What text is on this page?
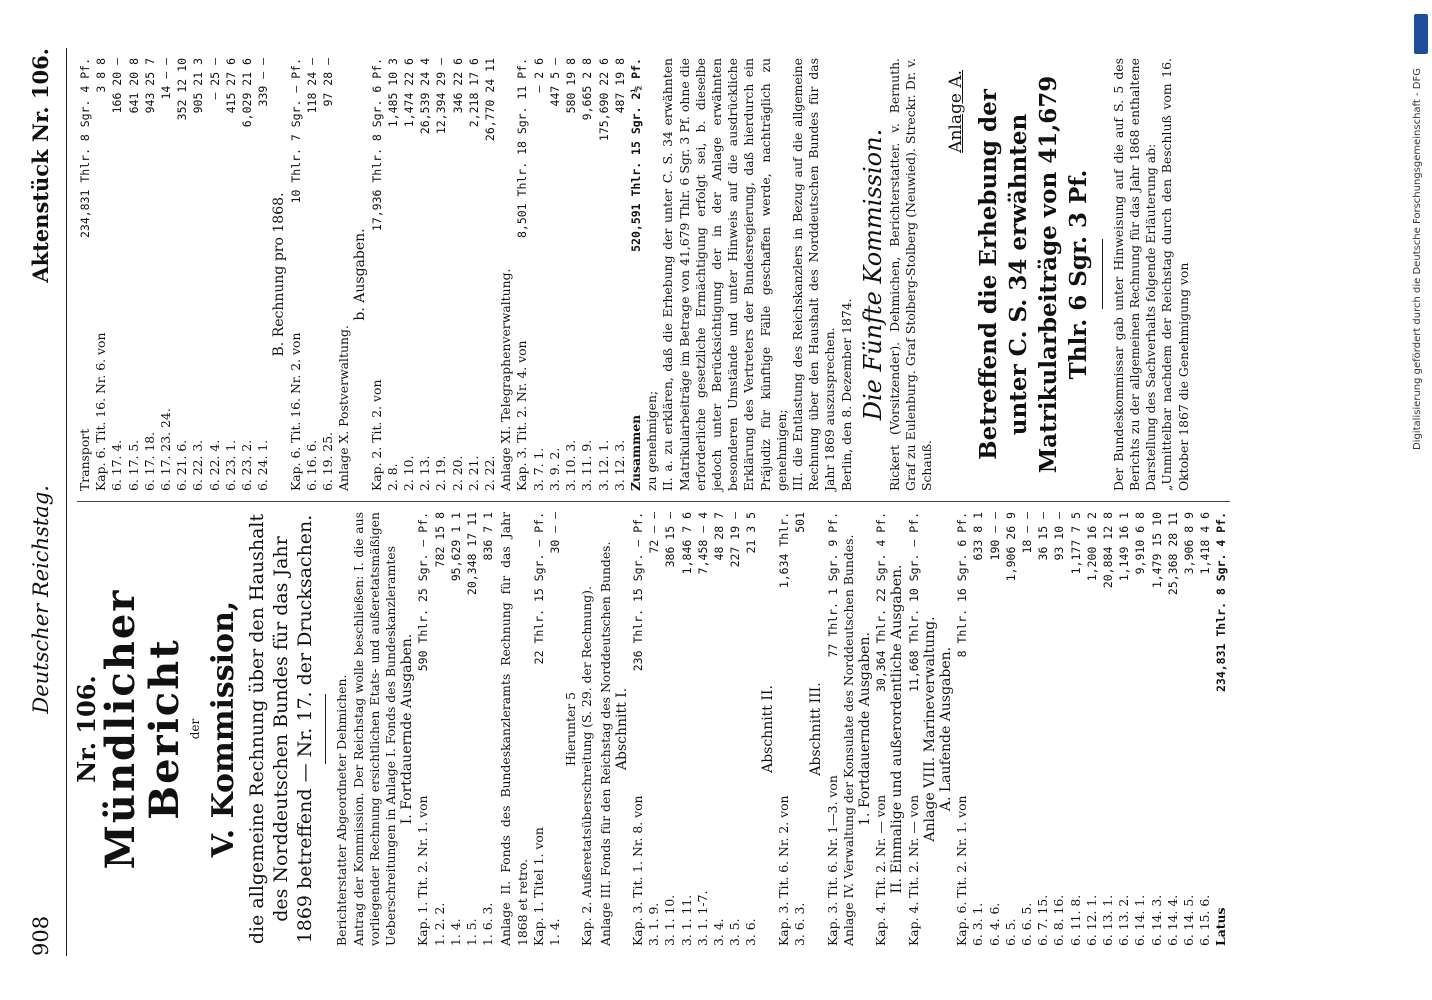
Digitalisierung gefördert durch die Deutsche Forschungsgemeinschaft - DFG
908
Deutscher Reichstag.
Aktenstück Nr. 106.
Nr. 106.
Mündlicher Bericht der V. Kommission, die allgemeine Rechnung über den Haushalt des Norddeutschen Bundes für das Jahr 1869 betreffend — Nr. 17. der Drucksachen. Berichterstatter Abgeordneter Dehmichen. Antrag der Kommission. Der Reichstag wolle beschließen: I. die aus vorliegender Rechnung ersichtlichen Etats- und außeretatsmäßigen Ueberschreitungen in Anlage I. Fonds des Bundeskanzleramtes I. Fortdauernde Ausgaben.
Kap. 1. Tit. 2. Nr. 1. von
590 Thlr. 25 Sgr. — Pf.
1. 2. 2.
782 15 8
1. 4.
95,629 1 1
1. 5.
20,348 17 11
1. 6. 3.
836 7 1 Anlage II. Fonds des Bundeskanzleramts Rechnung für das Jahr 1868 et retro. Kap. 1. Titel 1. von
22 Thlr. 15 Sgr. — Pf.
1. 4.
30 — —
Hierunter 5 Kap. 2. Außeretatsüberschreitung (S. 29. der Rechnung). Anlage III. Fonds für den Reichstag des Norddeutschen Bundes. Abschnitt I.
Kap. 3. Tit. 1. Nr. 8. von
236 Thlr. 15 Sgr. — Pf.
3. 1. 9.
72 — —
3. 1. 10.
386 15 —
3. 1. 11.
1,846 7 6
3. 1. 1-7.
7,458 — 4
3. 4.
48 28 7
3. 5.
227 19 —
3. 6.
21 3 5
Abschnitt II.
Kap. 3. Tit. 6. Nr. 2. von
1,634 Thlr.
3. 6. 3.
501
Abschnitt III.
Kap. 3. Tit. 6. Nr. 1—3. von
77 Thlr. 1 Sgr. 9 Pf. Anlage IV. Verwaltung der Konsulate des Norddeutschen Bundes. 1. Fortdauernde Ausgaben.
Kap. 4. Tit. 2. Nr. — von
30,364 Thlr. 22 Sgr. 4 Pf. II. Einmalige und außerordentliche Ausgaben. Kap. 4. Tit. 2. Nr. — von
11,668 Thlr. 10 Sgr. — Pf.
Anlage VIII. Marineverwaltung. A. Laufende Ausgaben.
Kap. 6. Tit. 2. Nr. 1. von
8 Thlr. 16 Sgr. 6 Pf.
6. 3. 1.
633 8 1
6. 4. 6.
190 — —
6. 5.
1,906 26 9
6. 6. 5.
18 — —
6. 7. 15.
36 15 —
6. 8. 16.
93 10 —
6. 11. 8.
1,177 7 5
6. 12. 1.
1,200 16 2
6. 13. 1.
20,884 12 8
6. 13. 2.
1,149 16 1
6. 14. 1.
9,910 6 8
6. 14. 3.
1,479 15 10
6. 14. 4.
25,368 28 11
6. 14. 5.
3,906 8 9
6. 15. 6.
1,418 4 6
Latus
234,831 Thlr. 8 Sgr. 4 Pf.
Transport
234,831 Thlr. 8 Sgr. 4 Pf.
Kap. 6. Tit. 16. Nr. 6. von
3 8 8
6. 17. 4.
166 20 —
6. 17. 5.
641 20 8
6. 17. 18.
943 25 7
6. 17. 23. 24.
14 — —
6. 21. 6.
352 12 10
6. 22. 3.
905 21 3
6. 22. 4.
— 25 —
6. 23. 1.
415 27 6
6. 23. 2.
6,029 21 6
6. 24. 1.
339 — —
B. Rechnung pro 1868.
Kap. 6. Tit. 16. Nr. 2. von
10 Thlr. 7 Sgr. — Pf.
6. 16. 6.
118 24 —
6. 19. 25.
97 28 —
Anlage X. Postverwaltung.
b. Ausgaben.
Kap. 2. Tit. 2. von
17,936 Thlr. 8 Sgr. 6 Pf.
2. 8.
1,485 10 3
2. 10.
1,474 22 6
2. 13.
26,539 24 4
2. 19.
12,394 29 —
2. 20.
346 22 6
2. 21.
2,218 17 6
2. 22.
26,770 24 11
Anlage XI. Telegraphenverwaltung. Kap. 3. Tit. 2. Nr. 4. von
8,501 Thlr. 18 Sgr. 11 Pf.
3. 7. 1.
— 2 6
3. 9. 2.
447 5 —
3. 10. 3.
580 19 8
3. 11. 9.
9,665 2 8
3. 12. 1.
175,690 22 6
3. 12. 3.
487 19 8
Zusammen
520,591 Thlr. 15 Sgr. 2½ Pf.
zu genehmigen; II. a. zu erklären, daß die Erhebung der unter C. S. 34 erwähnten Matrikularbeiträge im Betrage von 41,679 Thlr. 6 Sgr. 3 Pf. ohne die erforderliche gesetzliche Ermächtigung erfolgt sei, b. dieselbe jedoch unter Berücksichtigung der in der Anlage erwähnten besonderen Umstände und unter Hinweis auf die ausdrückliche Erklärung des Vertreters der Bundesregierung, daß hierdurch ein Präjudiz für künftige Fälle geschaffen werde, nachträglich zu genehmigen; III. die Entlastung des Reichskanzlers in Bezug auf die allgemeine Rechnung über den Haushalt des Norddeutschen Bundes für das Jahr 1869 auszusprechen. Berlin, den 8. Dezember 1874. Die Fünfte Kommission. Rickert (Vorsitzender). Dehmichen, Berichterstatter. v. Bernuth. Graf zu Eulenburg. Graf Stolberg-Stolberg (Neuwied). Streckr. Dr. v. Schauß.
Anlage A. Betreffend die Erhebung der unter C. S. 34 erwähnten Matrikularbeiträge von 41,679 Thlr. 6 Sgr. 3 Pf. Der Bundeskommissar gab unter Hinweisung auf die auf S. 5 des Berichts zu der allgemeinen Rechnung für das Jahr 1868 enthaltene Darstellung des Sachverhalts folgende Erläuterung ab: „Unmittelbar nachdem der Reichstag durch den Beschluß vom 16. Oktober 1867 die Genehmigung von
